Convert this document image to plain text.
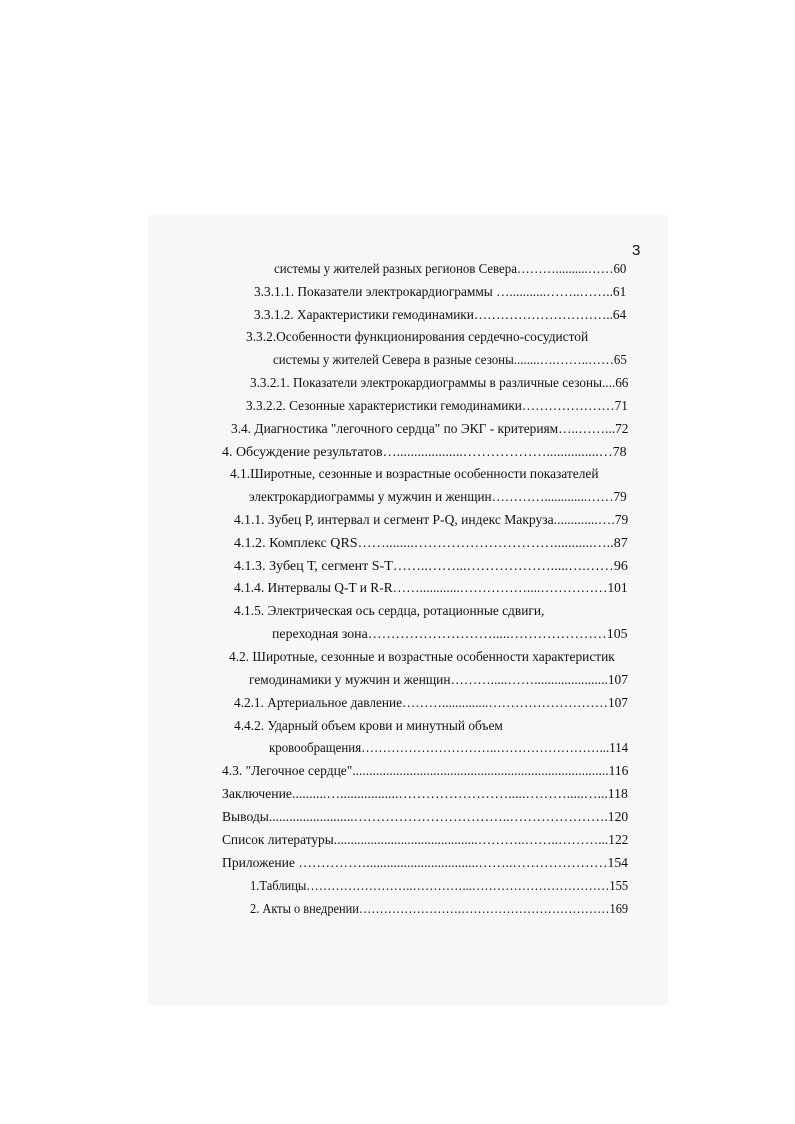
3
системы у жителей разных регионов Севера………..........……60
3.3.1.1. Показатели электрокардиограммы …...........……..……..61
3.3.1.2. Характеристики гемодинамики…………………………..64
3.3.2.Особенности функционирования сердечно-сосудистой
системы у жителей Севера в разные сезоны........….……..……65
3.3.2.1. Показатели электрокардиограммы в различные сезоны....66
3.3.2.2. Сезонные характеристики гемодинамики…………………71
3.4. Диагностика "легочного сердца" по ЭКГ - критериям…..……...72
4. Обсуждение результатов…...................………………...............…78
4.1.Широтные, сезонные и возрастные особенности показателей
электрокардиограммы у мужчин и женщин………….............……79
4.1.1. Зубец Р, интервал и сегмент P-Q, индекс Макруза.............….79
4.1.2. Комплекс QRS……........…………………………...........…..87
4.1.3. Зубец Т, сегмент S-T……..……...……………….....….……96
4.1.4. Интервалы Q-T и R-R……............……………....……………101
4.1.5. Электрическая ось сердца, ротационные сдвиги,
переходная зона……………………….....…………………105
4.2. Широтные, сезонные и возрастные особенности характеристик
гемодинамики у мужчин и женщин……….....……......................107
4.2.1. Артериальное давление………..............………………………107
4.4.2. Ударный объем крови и минутный объем
кровообращения…………………………..……………………...114
4.3. "Легочное сердце"............................................................................116
Заключение..........….................…………………….....……….....…...118
Выводы.........................……………………………..………………….120
Список литературы...........................................………..……..………...122
Приложение …………….................................……..…………………154
1.Таблицы……………………..…………...……………………………155
2. Акты о внедрении…………………….………………………………169
